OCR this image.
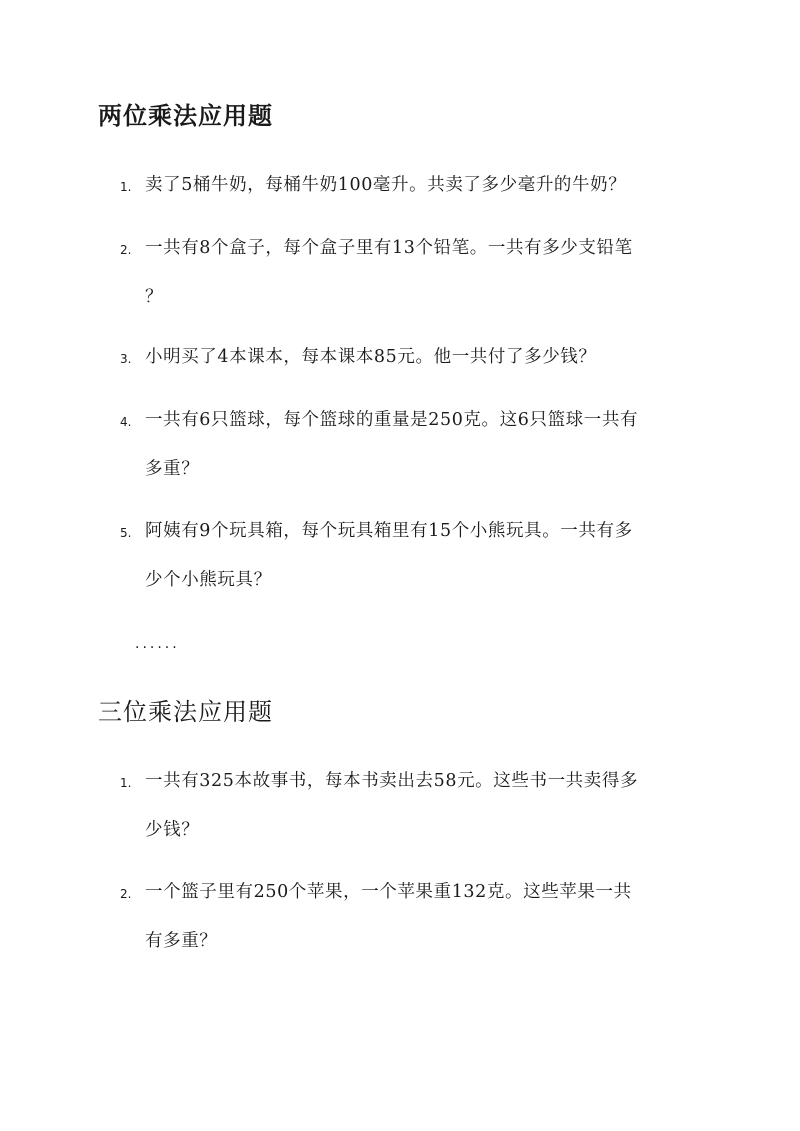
两位乘法应用题
1. 卖了5桶牛奶，每桶牛奶100毫升。共卖了多少毫升的牛奶？
2. 一共有8个盒子，每个盒子里有13个铅笔。一共有多少支铅笔
？
3. 小明买了4本课本，每本课本85元。他一共付了多少钱？
4. 一共有6只篮球，每个篮球的重量是250克。这6只篮球一共有
多重？
5. 阿姨有9个玩具箱，每个玩具箱里有15个小熊玩具。一共有多
少个小熊玩具？
......
三位乘法应用题
1. 一共有325本故事书，每本书卖出去58元。这些书一共卖得多
少钱？
2. 一个篮子里有250个苹果，一个苹果重132克。这些苹果一共
有多重？
